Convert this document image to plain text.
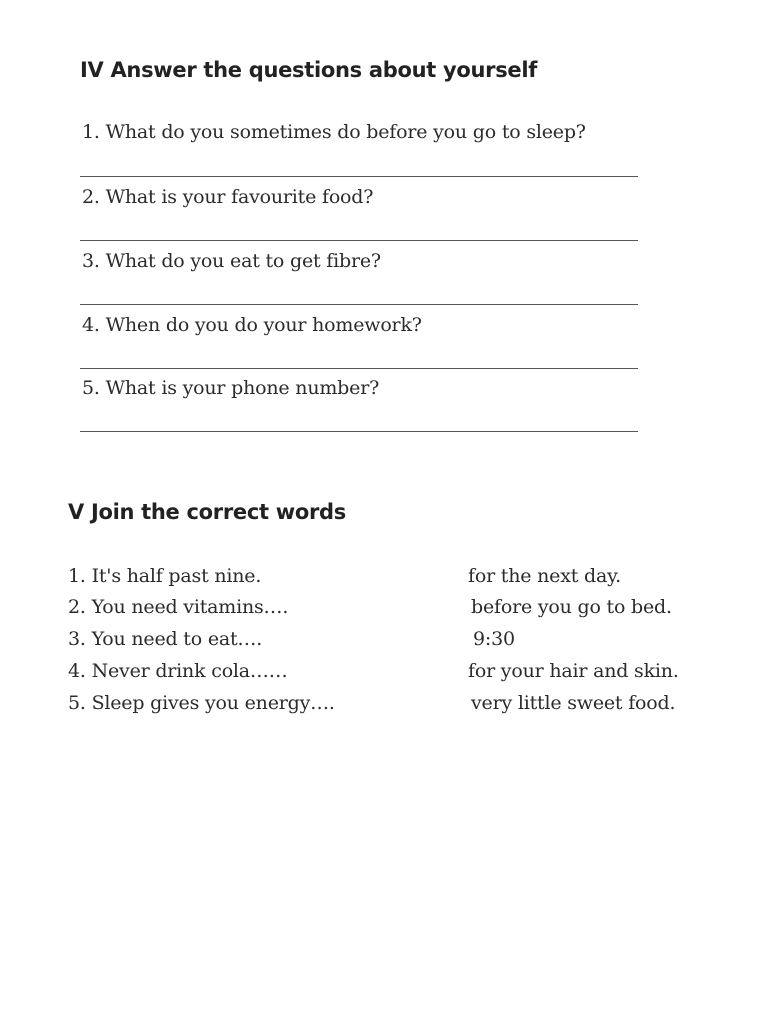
IV Answer the questions about yourself
1. What do you sometimes do before you go to sleep?
2. What is your favourite food?
3. What do you eat to get fibre?
4. When do you do your homework?
5. What is your phone number?
V Join the correct words
1. It's half past nine.
2. You need vitamins….
3. You need to eat….
4. Never drink cola……
5. Sleep gives you energy….
for the next day.
before you go to bed.
9:30
for your hair and skin.
very little sweet food.
